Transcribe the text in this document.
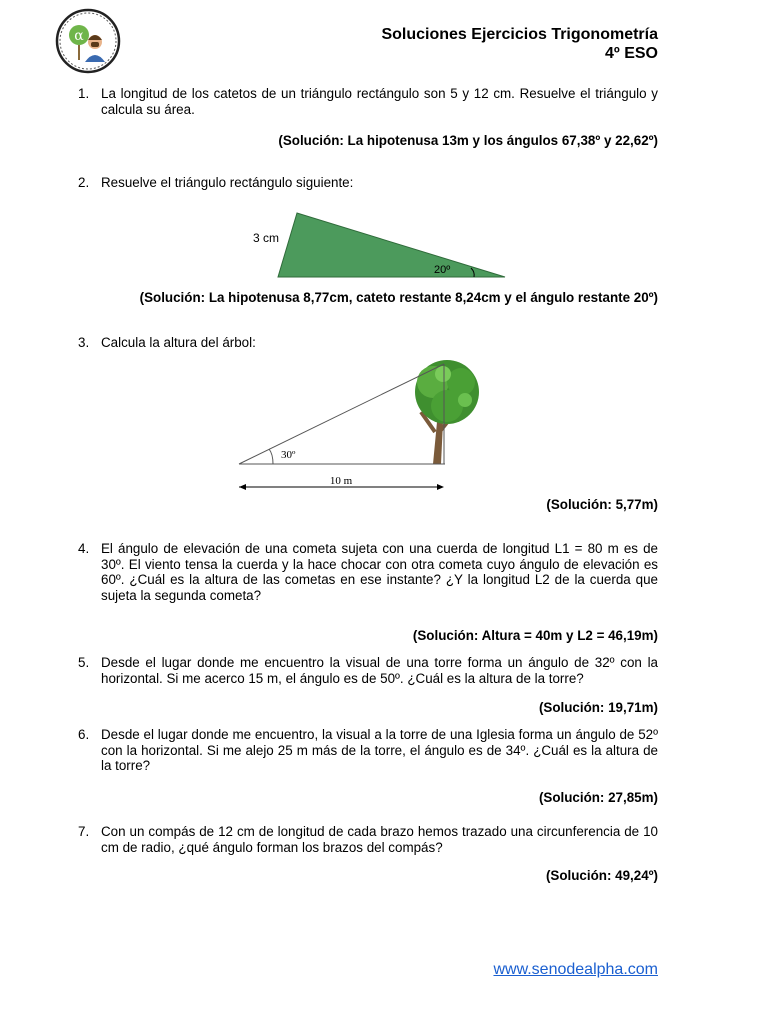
α	Soluciones Ejercicios Trigonometría
4º ESO
1. La longitud de los catetos de un triángulo rectángulo son 5 y 12 cm. Resuelve el triángulo y calcula su área.
(Solución: La hipotenusa 13m y los ángulos 67,38º y 22,62º)
2. Resuelve el triángulo rectángulo siguiente:
3 cm
20º
(Solución: La hipotenusa 8,77cm, cateto restante 8,24cm y el ángulo restante 20º)
3. Calcula la altura del árbol:
30º
10 m
(Solución: 5,77m)
4. El ángulo de elevación de una cometa sujeta con una cuerda de longitud L1 = 80 m es de 30º. El viento tensa la cuerda y la hace chocar con otra cometa cuyo ángulo de elevación es 60º. ¿Cuál es la altura de las cometas en ese instante? ¿Y la longitud L2 de la cuerda que sujeta la segunda cometa?
(Solución: Altura = 40m y L2 = 46,19m)
5. Desde el lugar donde me encuentro la visual de una torre forma un ángulo de 32º con la horizontal. Si me acerco 15 m, el ángulo es de 50º. ¿Cuál es la altura de la torre?
(Solución: 19,71m)
6. Desde el lugar donde me encuentro, la visual a la torre de una Iglesia forma un ángulo de 52º con la horizontal. Si me alejo 25 m más de la torre, el ángulo es de 34º. ¿Cuál es la altura de la torre?
(Solución: 27,85m)
7. Con un compás de 12 cm de longitud de cada brazo hemos trazado una circunferencia de 10 cm de radio, ¿qué ángulo forman los brazos del compás?
(Solución: 49,24º)
www.senodealpha.com
